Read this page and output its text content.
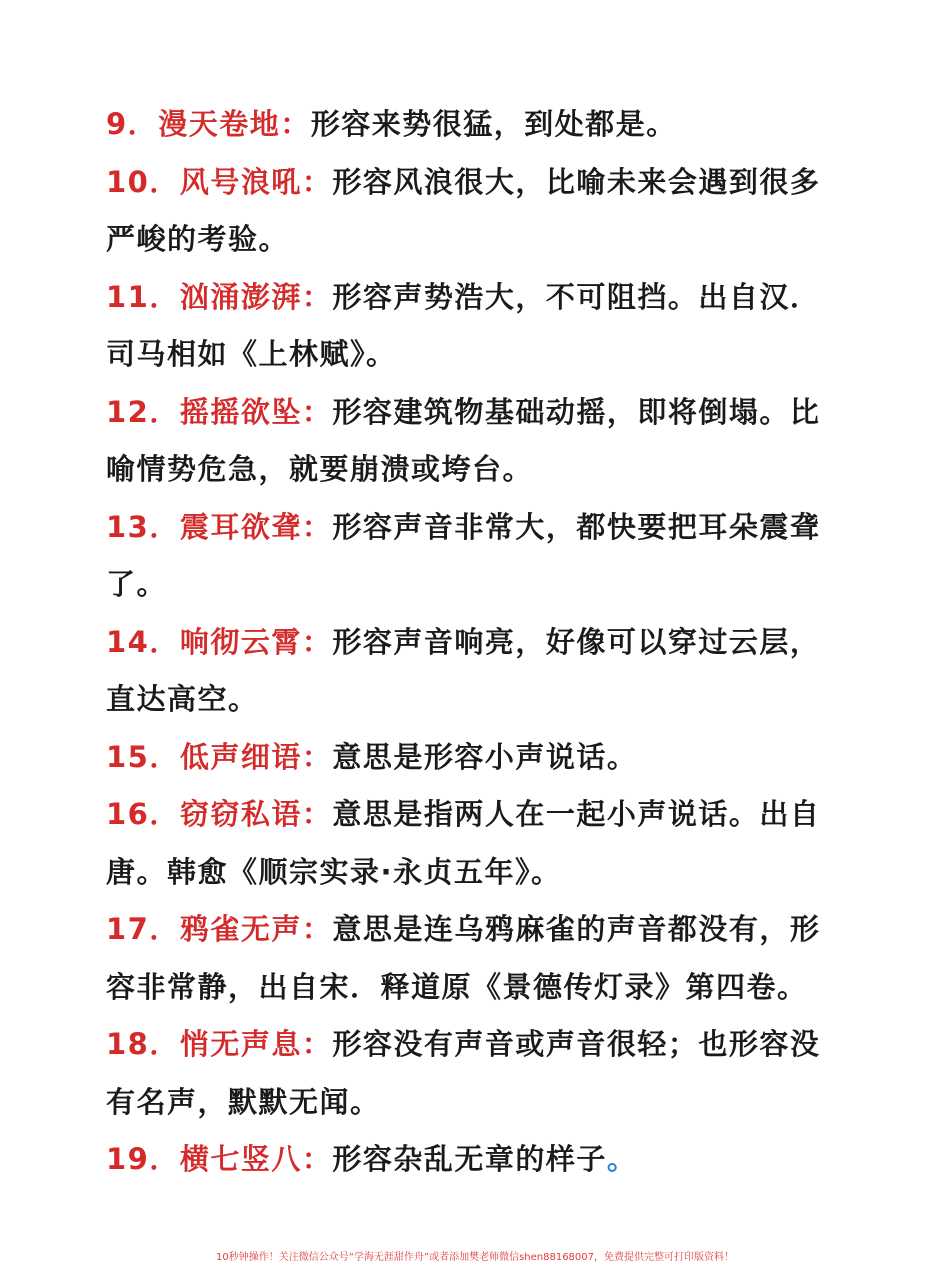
9．漫天卷地：形容来势很猛，到处都是。
10．风号浪吼：形容风浪很大，比喻未来会遇到很多严峻的考验。
11．汹涌澎湃：形容声势浩大，不可阻挡。出自汉．司马相如《上林赋》。
12．摇摇欲坠：形容建筑物基础动摇，即将倒塌。比喻情势危急，就要崩溃或垮台。
13．震耳欲聋：形容声音非常大，都快要把耳朵震聋了。
14．响彻云霄：形容声音响亮，好像可以穿过云层，直达高空。
15．低声细语：意思是形容小声说话。
16．窃窃私语：意思是指两人在一起小声说话。出自唐。韩愈《顺宗实录·永贞五年》。
17．鸦雀无声：意思是连乌鸦麻雀的声音都没有，形容非常静，出自宋．释道原《景德传灯录》第四卷。
18．悄无声息：形容没有声音或声音很轻；也形容没有名声，默默无闻。
19．横七竖八：形容杂乱无章的样子。
10秒钟操作！关注微信公众号“学海无涯甜作舟”或者添加樊老师微信shen88168007，免费提供完整可打印版资料！
